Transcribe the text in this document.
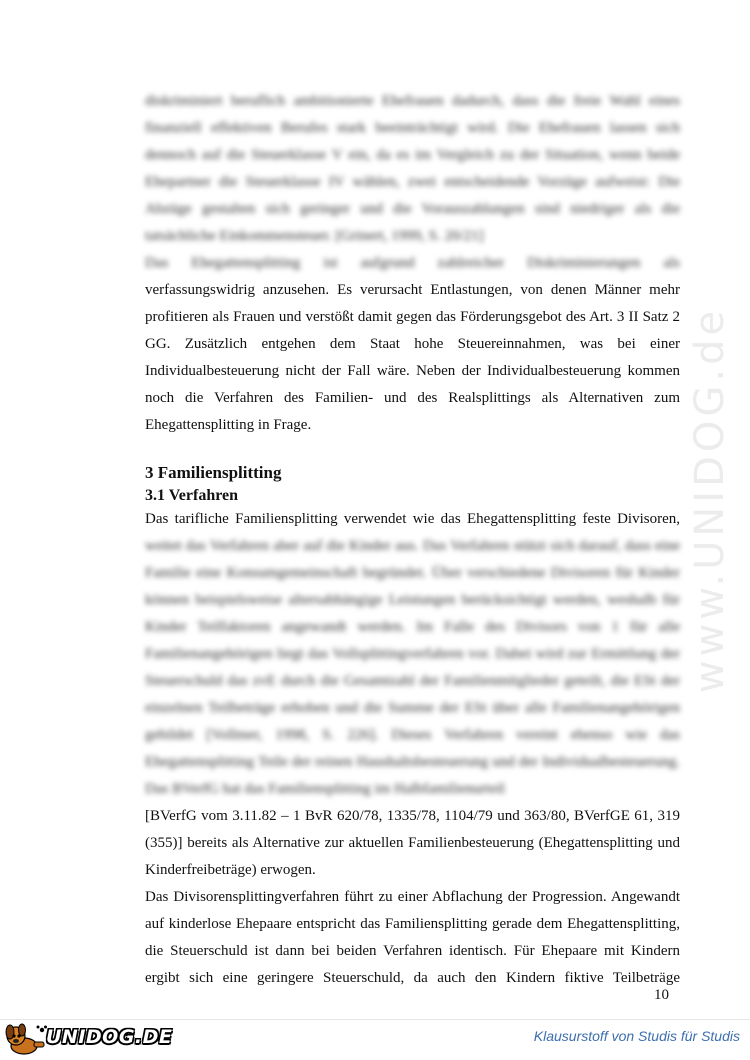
diskriminiert beruflich ambitionierte Ehefrauen dadurch, dass die freie Wahl eines finanziell effektiven Berufes stark beeinträchtigt wird. Die Ehefrauen lassen sich dennoch auf die Steuerklasse V ein, da es im Vergleich zu der Situation, wenn beide Ehepartner die Steuerklasse IV wählen, zwei entscheidende Vorzüge aufweist: Die Abzüge gestalten sich geringer und die Vorauszahlungen sind niedriger als die tatsächliche Einkommensteuer. [Grinert, 1999, S. 20/21]

Das Ehegattensplitting ist aufgrund zahlreicher Diskriminierungen als

verfassungswidrig anzusehen. Es verursacht Entlastungen, von denen Männer mehr profitieren als Frauen und verstößt damit gegen das Förderungsgebot des Art. 3 II Satz 2 GG. Zusätzlich entgehen dem Staat hohe Steuereinnahmen, was bei einer Individualbesteuerung nicht der Fall wäre. Neben der Individualbesteuerung kommen noch die Verfahren des Familien- und des Realsplittings als Alternativen zum Ehegattensplitting in Frage.

3 Familiensplitting
3.1 Verfahren

Das tarifliche Familiensplitting verwendet wie das Ehegattensplitting feste Divisoren,

weitet das Verfahren aber auf die Kinder aus. Das Verfahren stützt sich darauf, dass eine Familie eine Konsumgemeinschaft begründet. Über verschiedene Divisoren für Kinder können beispielsweise altersabhängige Leistungen berücksichtigt werden, weshalb für Kinder Teilfaktoren angewandt werden. Im Falle des Divisors von 1 für alle Familienangehörigen liegt das Vollsplittingverfahren vor. Dabei wird zur Ermittlung der Steuerschuld das zvE durch die Gesamtzahl der Familienmitglieder geteilt, die ESt der einzelnen Teilbeträge erhoben und die Summe der ESt über alle Familienangehörigen gebildet [Vollmer, 1998, S. 226]. Dieses Verfahren vereint ebenso wie das Ehegattensplitting Teile der reinen Haushaltsbesteuerung und der Individualbesteuerung. Das BVerfG hat das Familiensplitting im Halbfamilienurteil

[BVerfG vom 3.11.82 – 1 BvR 620/78, 1335/78, 1104/79 und 363/80, BVerfGE 61, 319 (355)] bereits als Alternative zur aktuellen Familienbesteuerung (Ehegattensplitting und Kinderfreibeträge) erwogen.

Das Divisorensplittingverfahren führt zu einer Abflachung der Progression. Angewandt auf kinderlose Ehepaare entspricht das Familiensplitting gerade dem Ehegattensplitting, die Steuerschuld ist dann bei beiden Verfahren identisch. Für Ehepaare mit Kindern ergibt sich eine geringere Steuerschuld, da auch den Kindern fiktive Teilbeträge

www.UNIDOG.de
10
UNIDOG.DE	Klausurstoff von Studis für Studis
